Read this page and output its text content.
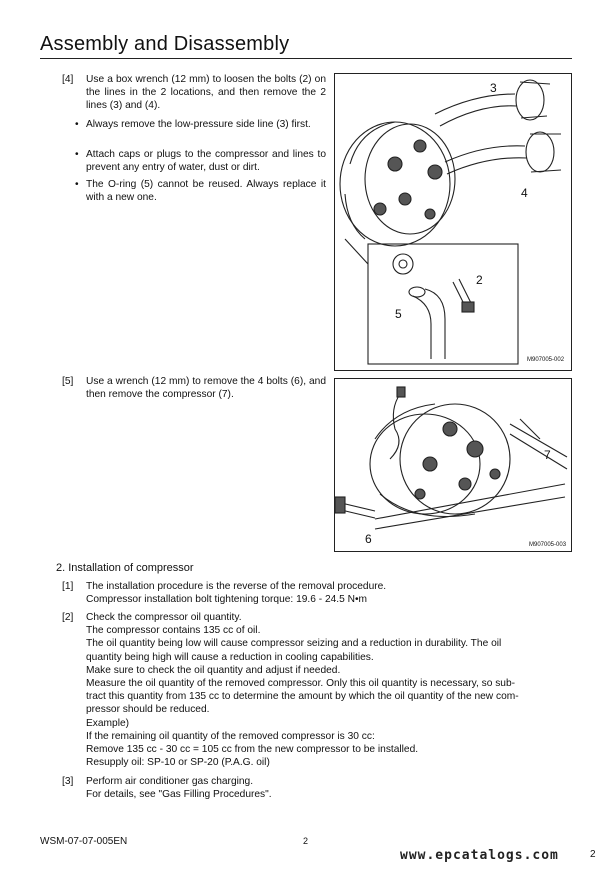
Assembly and Disassembly
[4] Use a box wrench (12 mm) to loosen the bolts (2) on the lines in the 2 locations, and then remove the 2 lines (3) and (4).
• Always remove the low-pressure side line (3) first.
• Attach caps or plugs to the compressor and lines to prevent any entry of water, dust or dirt.
• The O-ring (5) cannot be reused. Always replace it with a new one.
3
4
2
5
M907005-002
[5] Use a wrench (12 mm) to remove the 4 bolts (6), and then remove the compressor (7).
7
6	M907005-003
2. Installation of compressor
[1] The installation procedure is the reverse of the removal procedure.
Compressor installation bolt tightening torque: 19.6 - 24.5 N•m
[2] Check the compressor oil quantity.
The compressor contains 135 cc of oil.
The oil quantity being low will cause compressor seizing and a reduction in durability. The oil
quantity being high will cause a reduction in cooling capabilities.
Make sure to check the oil quantity and adjust if needed.
Measure the oil quantity of the removed compressor. Only this oil quantity is necessary, so sub-
tract this quantity from 135 cc to determine the amount by which the oil quantity of the new com-
pressor should be reduced.
Example)
If the remaining oil quantity of the removed compressor is 30 cc:
Remove 135 cc - 30 cc = 105 cc from the new compressor to be installed.
Resupply oil: SP-10 or SP-20 (P.A.G. oil)
[3] Perform air conditioner gas charging.
For details, see "Gas Filling Procedures".
WSM-07-07-005EN	2
www.epcatalogs.com	2
